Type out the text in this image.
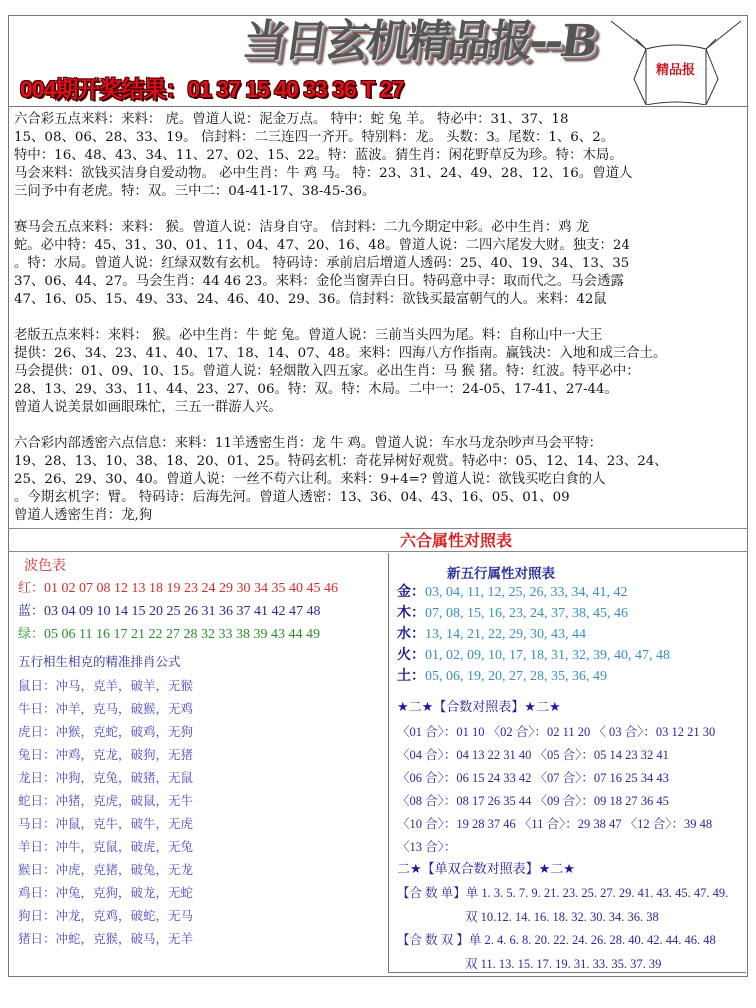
当日玄机精品报--B
004期开奖结果：01 37 15 40 33 36 T 27
精品报
六合彩五点来料：来料： 虎。曾道人说：泥金万点。 特中：蛇 兔 羊。 特必中：31、37、18
15、08、06、28、33、19。 信封料：二三连四一齐开。特别料：龙。 头数：3。尾数：1、6、2。
特中：16、48、43、34、11、27、02、15、22。特：蓝波。猜生肖：闲花野草反为珍。特：木局。
马会来料：欲钱买洁身自爱动物。 必中生肖：牛 鸡 马。 特：23、31、24、49、28、12、16。曾道人
三问予中有老虎。特：双。三中二：04-41-17、38-45-36。
赛马会五点来料：来料： 猴。曾道人说：洁身自守。 信封料：二九今期定中彩。必中生肖：鸡 龙
蛇。必中特：45、31、30、01、11、04、47、20、16、48。曾道人说：二四六尾发大财。独支：24
。特：水局。曾道人说：红绿双数有玄机。 特码诗：承前启后增道人透码：25、40、19、34、13、35
37、06、44、27。马会生肖：44 46 23。来料：金伦当窗弄白日。特码意中寻：取而代之。马会透露
47、16、05、15、49、33、24、46、40、29、36。信封料：欲钱买最富朝气的人。来料：42鼠
老版五点来料：来料： 猴。必中生肖：牛 蛇 兔。曾道人说：三前当头四为尾。料：自称山中一大王
提供：26、34、23、41、40、17、18、14、07、48。来料：四海八方作指南。赢钱决：入地和成三合土。
马会提供：01、09、10、15。曾道人说：轻烟散入四五家。必出生肖：马 猴 猪。特：红波。特平必中：
28、13、29、33、11、44、23、27、06。特：双。特：木局。二中一：24-05、17-41、27-44。
曾道人说美景如画眼珠忙，三五一群游人兴。
六合彩内部透密六点信息：来料：11羊透密生肖：龙 牛 鸡。曾道人说：车水马龙杂吵声马会平特：
19、28、13、10、38、18、20、01、25。特码玄机：奇花异树好观赏。特必中：05、12、14、23、24、
25、26、29、30、40。曾道人说：一丝不苟六让利。来料：9+4=? 曾道人说：欲钱买吃白食的人
。今期玄机字：臂。 特码诗：后海先河。曾道人透密：13、36、04、43、16、05、01、09
曾道人透密生肖：龙,狗
六合属性对照表
波色表
红：01 02 07 08 12 13 18 19 23 24 29 30 34 35 40 45 46
蓝：03 04 09 10 14 15 20 25 26 31 36 37 41 42 47 48
绿：05 06 11 16 17 21 22 27 28 32 33 38 39 43 44 49
五行相生相克的精准排肖公式
鼠日：冲马，克羊，破羊，无猴
牛日：冲羊，克马，破猴，无鸡
虎日：冲猴，克蛇，破鸡，无狗
兔日：冲鸡，克龙，破狗，无猪
龙日：冲狗，克兔，破猪，无鼠
蛇日：冲猪，克虎，破鼠，无牛
马日：冲鼠，克牛，破牛，无虎
羊日：冲牛，克鼠，破虎，无兔
猴日：冲虎，克猪，破兔，无龙
鸡日：冲兔，克狗，破龙，无蛇
狗日：冲龙，克鸡，破蛇，无马
猪日：冲蛇，克猴，破马，无羊
新五行属性对照表
金：03, 04, 11, 12, 25, 26, 33, 34, 41, 42
木：07, 08, 15, 16, 23, 24, 37, 38, 45, 46
水：13, 14, 21, 22, 29, 30, 43, 44
火：01, 02, 09, 10, 17, 18, 31, 32, 39, 40, 47, 48
土：05, 06, 19, 20, 27, 28, 35, 36, 49
★二★【合数对照表】★二★
〈01 合〉：01 10 〈02 合〉：02 11 20 〈 03 合〉：03 12 21 30
〈04 合〉：04 13 22 31 40 〈05 合〉：05 14 23 32 41
〈06 合〉：06 15 24 33 42 〈07 合〉：07 16 25 34 43
〈08 合〉：08 17 26 35 44 〈09 合〉：09 18 27 36 45
〈10 合〉：19 28 37 46 〈11 合〉：29 38 47 〈12 合〉：39 48
〈13 合〉：
二★【单双合数对照表】★二★
【合 数 单】单 1. 3. 5. 7. 9. 21. 23. 25. 27. 29. 41. 43. 45. 47. 49.
双 10.12. 14. 16. 18. 32. 30. 34. 36. 38
【合 数 双 】单 2. 4. 6. 8. 20. 22. 24. 26. 28. 40. 42. 44. 46. 48
双 11. 13. 15. 17. 19. 31. 33. 35. 37. 39
